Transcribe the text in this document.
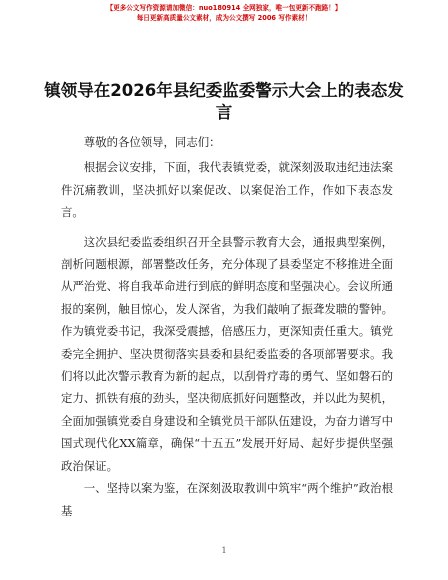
【更多公文写作资源请加微信：nuo180914 全网独家，唯一包更新不跑路！】
每日更新高质量公文素材，成为公文撰写 2006 写作素材！
镇领导在2026年县纪委监委警示大会上的表态发言

尊敬的各位领导，同志们：

根据会议安排，下面，我代表镇党委，就深刻汲取违纪违法案件沉痛教训，坚决抓好以案促改、以案促治工作，作如下表态发言。

这次县纪委监委组织召开全县警示教育大会，通报典型案例，剖析问题根源，部署整改任务，充分体现了县委坚定不移推进全面从严治党、将自我革命进行到底的鲜明态度和坚强决心。会议所通报的案例，触目惊心，发人深省，为我们敲响了振聋发聩的警钟。作为镇党委书记，我深受震撼，倍感压力，更深知责任重大。镇党委完全拥护、坚决贯彻落实县委和县纪委监委的各项部署要求。我们将以此次警示教育为新的起点，以刮骨疗毒的勇气、坚如磐石的定力、抓铁有痕的劲头，坚决彻底抓好问题整改，并以此为契机，全面加强镇党委自身建设和全镇党员干部队伍建设，为奋力谱写中国式现代化XX篇章，确保“十五五”发展开好局、起好步提供坚强政治保证。

一、坚持以案为鉴，在深刻汲取教训中筑牢“两个维护”政治根基

1
